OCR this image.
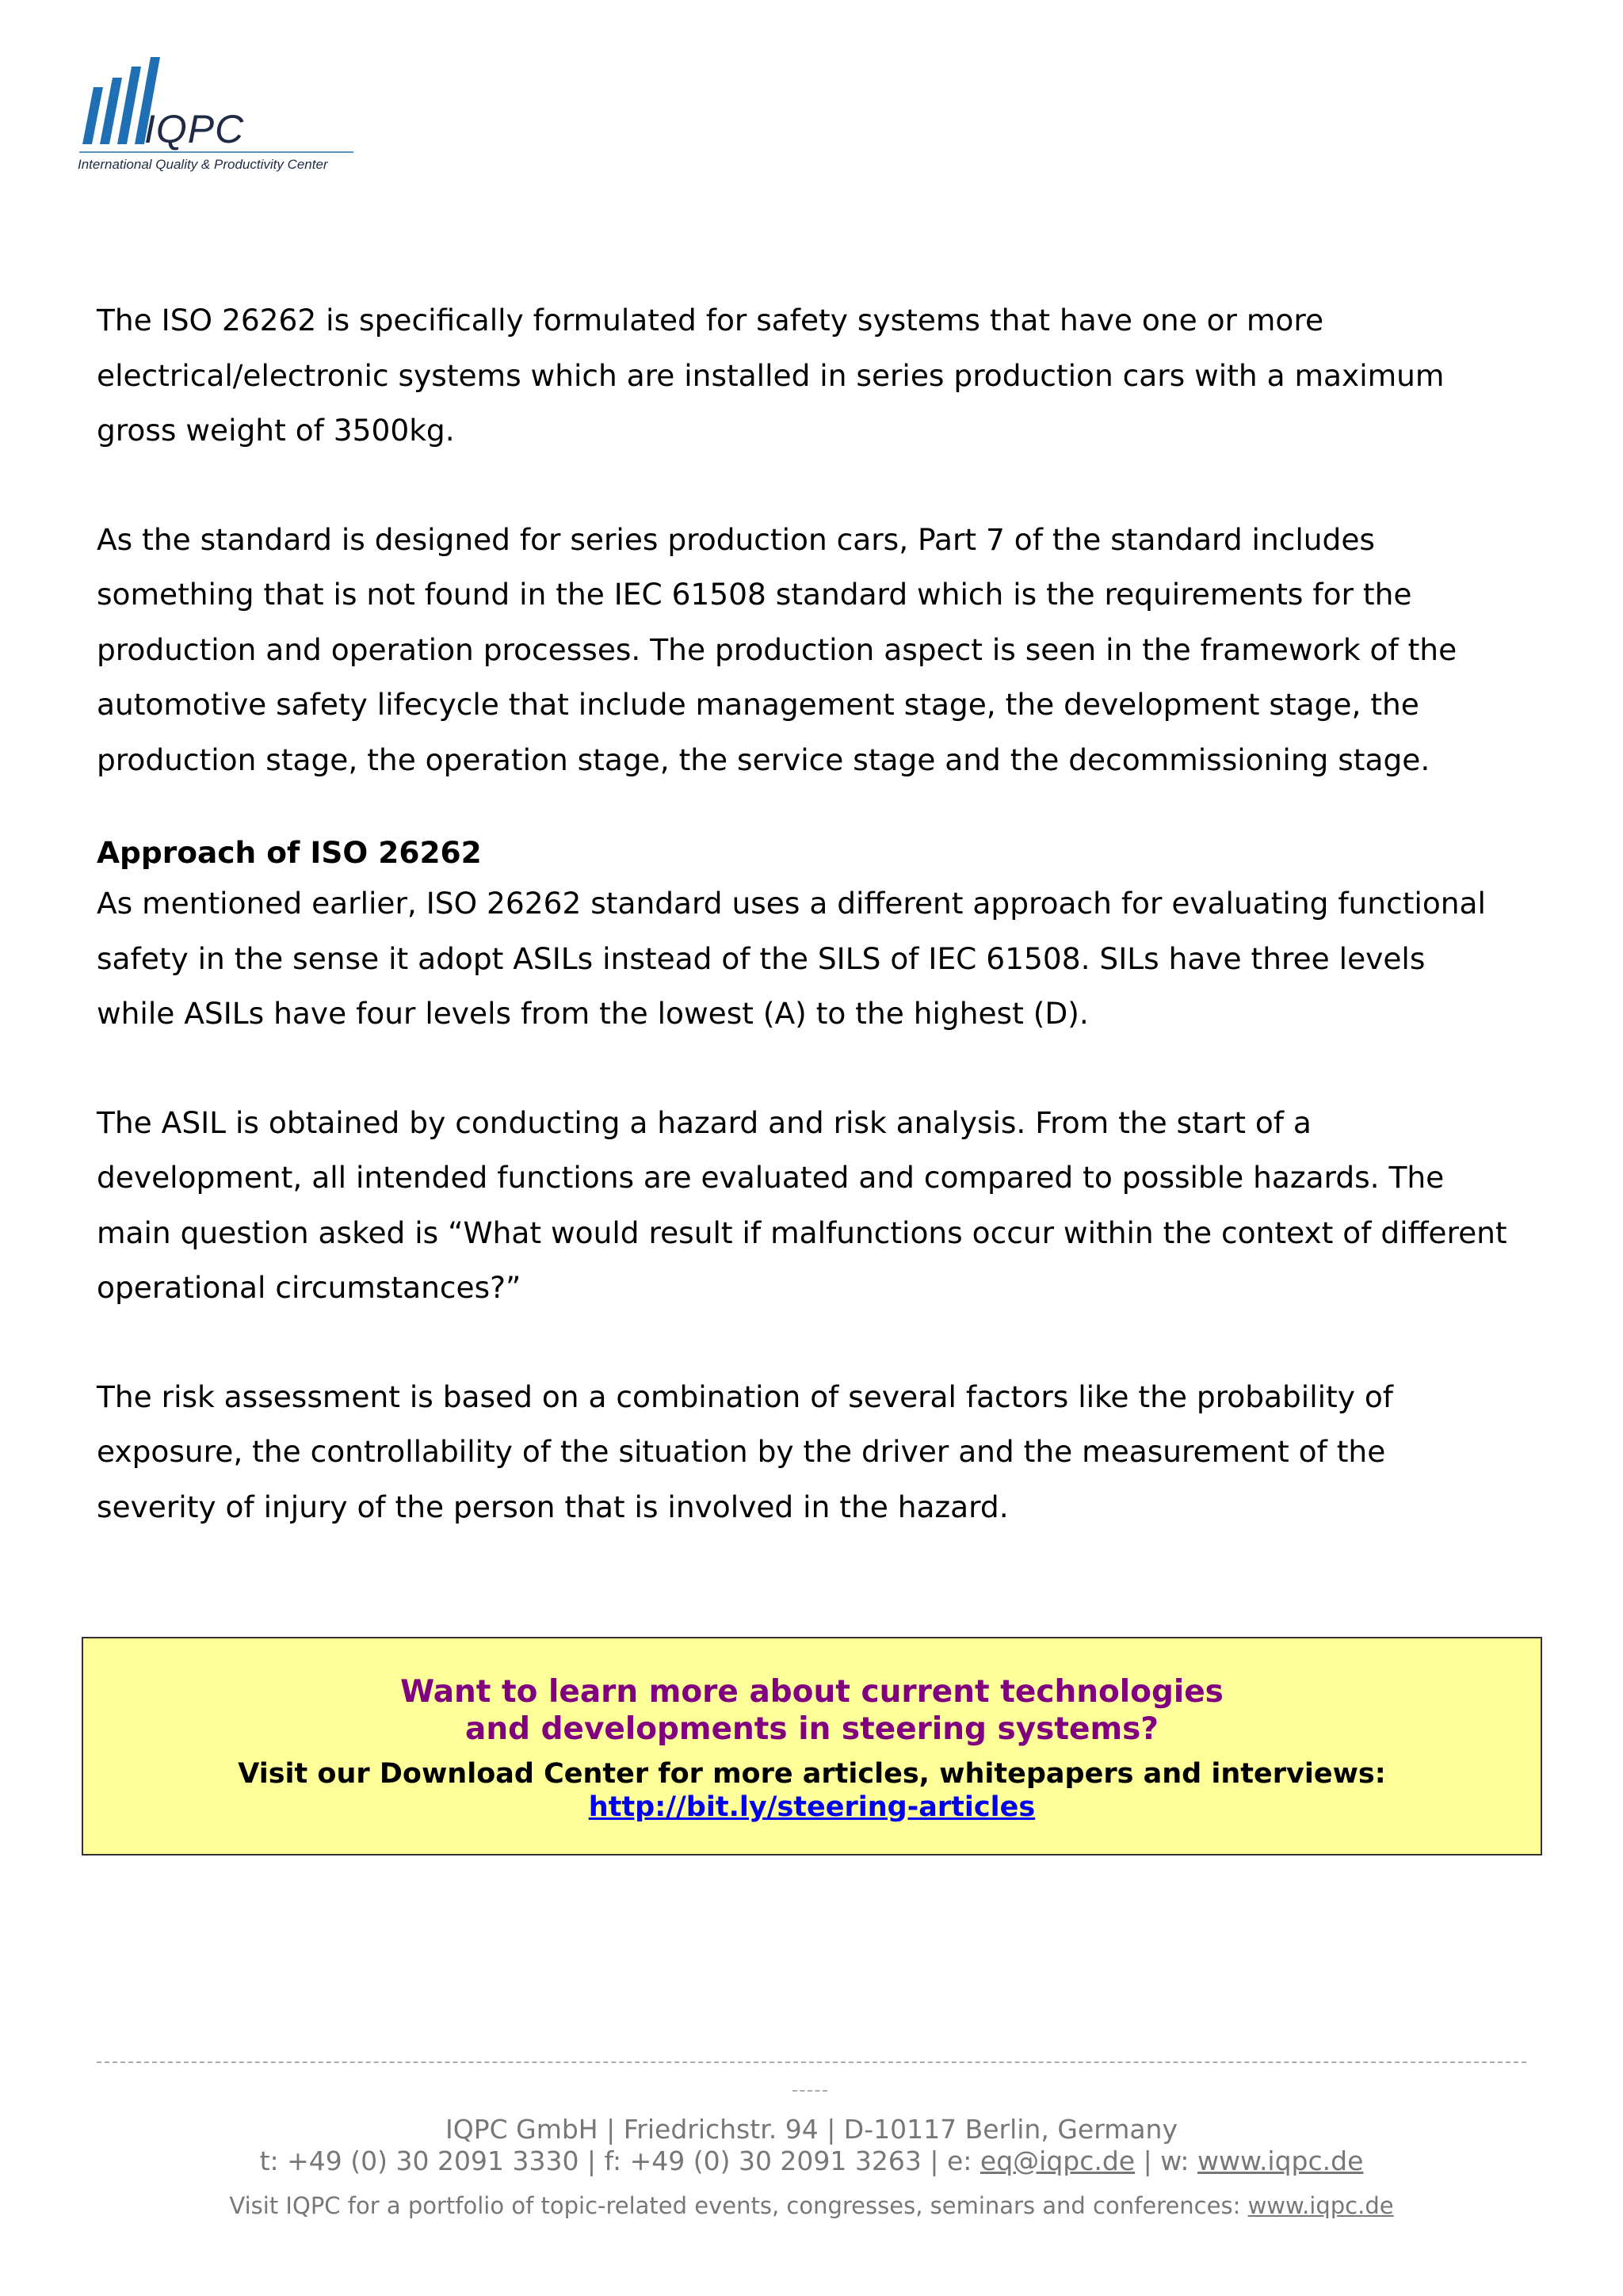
IQPC
International Quality & Productivity Center

The ISO 26262 is specifically formulated for safety systems that have one or more
electrical/electronic systems which are installed in series production cars with a maximum
gross weight of 3500kg.

As the standard is designed for series production cars, Part 7 of the standard includes
something that is not found in the IEC 61508 standard which is the requirements for the
production and operation processes. The production aspect is seen in the framework of the
automotive safety lifecycle that include management stage, the development stage, the
production stage, the operation stage, the service stage and the decommissioning stage.

Approach of ISO 26262

As mentioned earlier, ISO 26262 standard uses a different approach for evaluating functional
safety in the sense it adopt ASILs instead of the SILS of IEC 61508. SILs have three levels
while ASILs have four levels from the lowest (A) to the highest (D).

The ASIL is obtained by conducting a hazard and risk analysis. From the start of a
development, all intended functions are evaluated and compared to possible hazards. The
main question asked is “What would result if malfunctions occur within the context of different
operational circumstances?”

The risk assessment is based on a combination of several factors like the probability of
exposure, the controllability of the situation by the driver and the measurement of the
severity of injury of the person that is involved in the hazard.

Want to learn more about current technologies
and developments in steering systems?

Visit our Download Center for more articles, whitepapers and interviews:

http://bit.ly/steering-articles
IQPC GmbH | Friedrichstr. 94 | D-10117 Berlin, Germany
t: +49 (0) 30 2091 3330 | f: +49 (0) 30 2091 3263 | e: eq@iqpc.de | w: www.iqpc.de
Visit IQPC for a portfolio of topic-related events, congresses, seminars and conferences: www.iqpc.de
